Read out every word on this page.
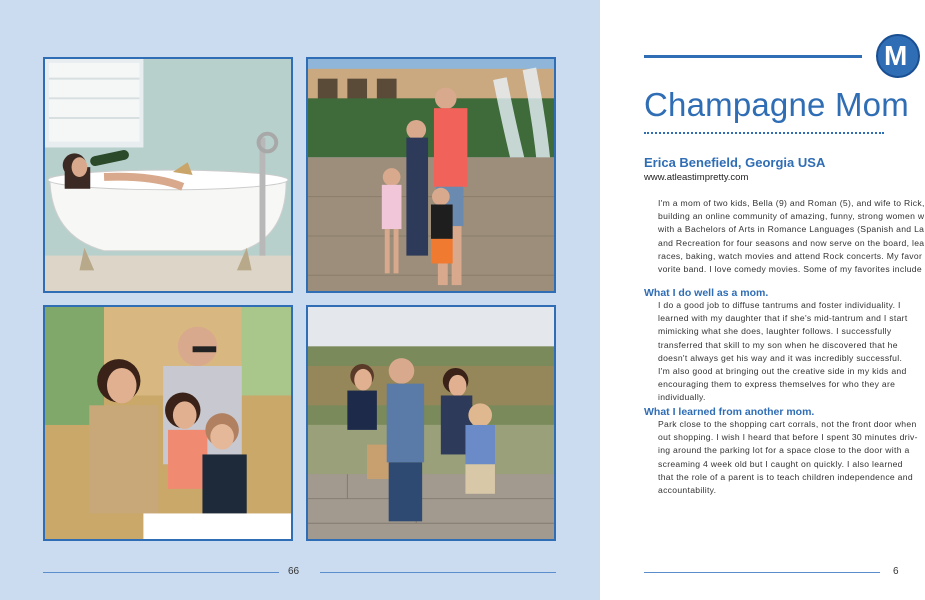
66
M
Champagne Mom
Erica Benefield, Georgia USA
www.atleastimpretty.com
I'm a mom of two kids, Bella (9) and Roman (5), and wife to Rick,
building an online community of amazing, funny, strong women w
with a Bachelors of Arts in Romance Languages (Spanish and La
and Recreation for four seasons and now serve on the board, lea
races, baking, watch movies and attend Rock concerts. My favor
vorite band. I love comedy movies. Some of my favorites include
What I do well as a mom.
I do a good job to diffuse tantrums and foster individuality. I
learned with my daughter that if she's mid-tantrum and I start
mimicking what she does, laughter follows. I successfully
transferred that skill to my son when he discovered that he
doesn't always get his way and it was incredibly successful.
I'm also good at bringing out the creative side in my kids and
encouraging them to express themselves for who they are
individually.
What I learned from another mom.
Park close to the shopping cart corrals, not the front door when
out shopping. I wish I heard that before I spent 30 minutes driv-
ing around the parking lot for a space close to the door with a
screaming 4 week old but I caught on quickly. I also learned
that the role of a parent is to teach children independence and
accountability.
6
